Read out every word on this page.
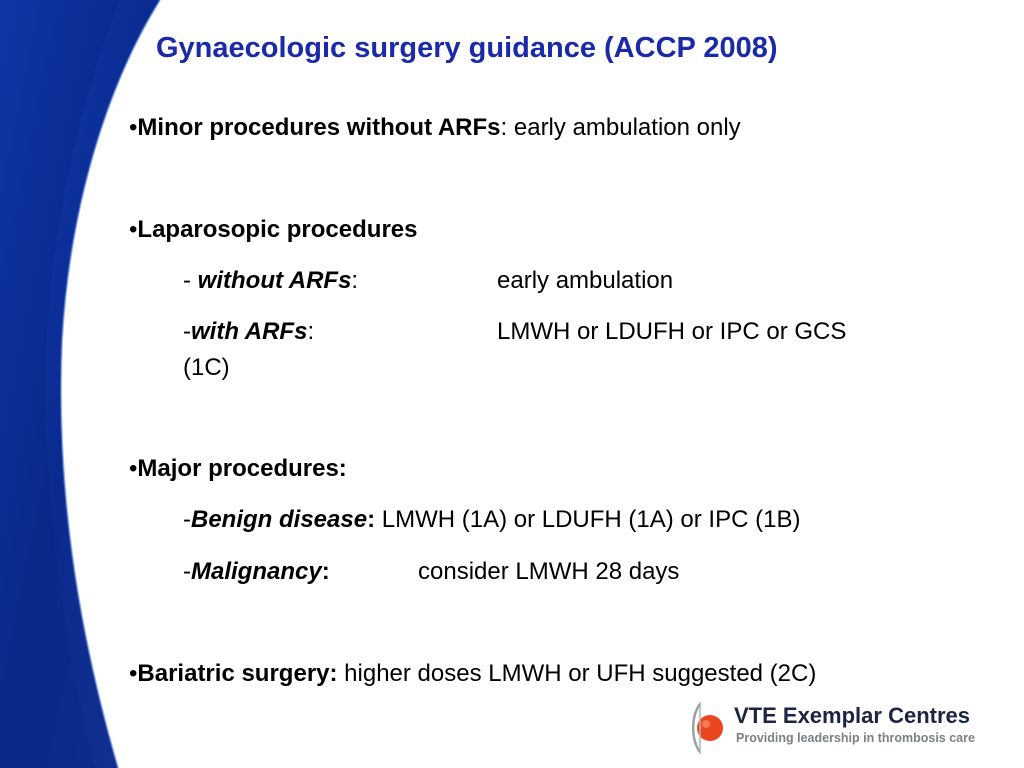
Gynaecologic surgery guidance (ACCP 2008)
•Minor procedures without ARFs: early ambulation only
•Laparosopic procedures
- without ARFs:	early ambulation
-with ARFs:	LMWH or LDUFH or IPC or GCS
(1C)
•Major procedures:
-Benign disease: LMWH (1A) or LDUFH (1A) or IPC (1B)
-Malignancy:	consider LMWH 28 days
•Bariatric surgery: higher doses LMWH or UFH suggested (2C)
VTE Exemplar Centres
Providing leadership in thrombosis care
